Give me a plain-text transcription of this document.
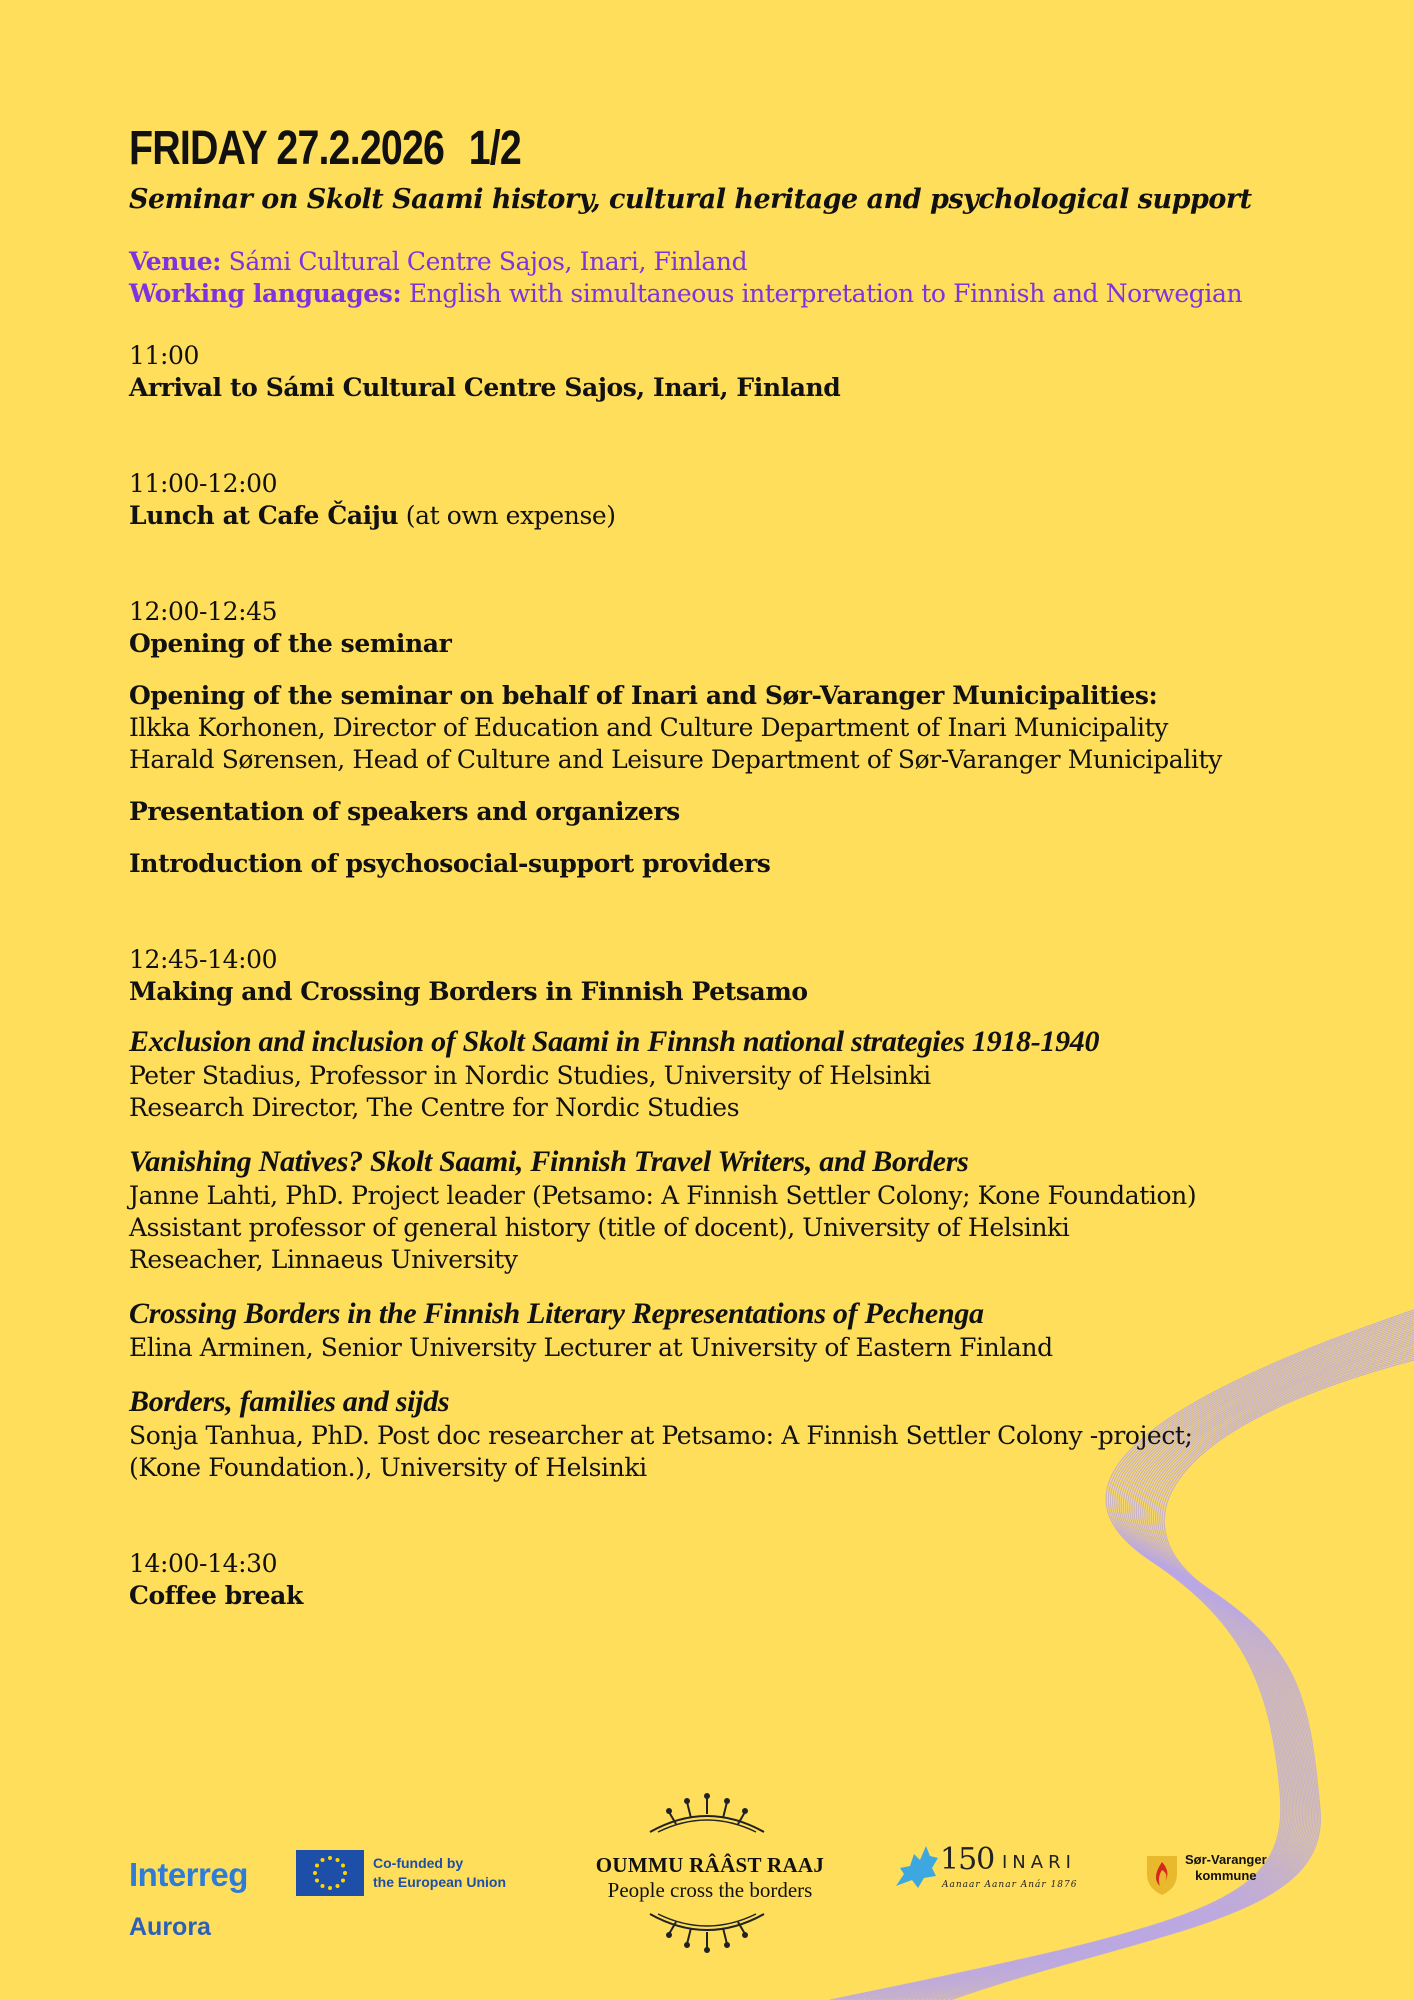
FRIDAY 27.2.2026 1/2
Seminar on Skolt Saami history, cultural heritage and psychological support
Venue: Sámi Cultural Centre Sajos, Inari, Finland
Working languages: English with simultaneous interpretation to Finnish and Norwegian
11:00
Arrival to Sámi Cultural Centre Sajos, Inari, Finland
11:00-12:00
Lunch at Cafe Čaiju (at own expense)
12:00-12:45
Opening of the seminar
Opening of the seminar on behalf of Inari and Sør-Varanger Municipalities:
Ilkka Korhonen, Director of Education and Culture Department of Inari Municipality
Harald Sørensen, Head of Culture and Leisure Department of Sør-Varanger Municipality
Presentation of speakers and organizers
Introduction of psychosocial-support providers
12:45-14:00
Making and Crossing Borders in Finnish Petsamo
Exclusion and inclusion of Skolt Saami in Finnsh national strategies 1918-1940
Peter Stadius, Professor in Nordic Studies, University of Helsinki
Research Director, The Centre for Nordic Studies
Vanishing Natives? Skolt Saami, Finnish Travel Writers, and Borders
Janne Lahti, PhD. Project leader (Petsamo: A Finnish Settler Colony; Kone Foundation)
Assistant professor of general history (title of docent), University of Helsinki
Reseacher, Linnaeus University
Crossing Borders in the Finnish Literary Representations of Pechenga
Elina Arminen, Senior University Lecturer at University of Eastern Finland
Borders, families and sijds
Sonja Tanhua, PhD. Post doc researcher at Petsamo: A Finnish Settler Colony -project;
(Kone Foundation.), University of Helsinki
14:00-14:30
Coffee break
Interreg
Aurora
Co-funded by
the European Union
OUMMU RÂÂST RAAJ
People cross the borders
150 INARI
Aanaar Aanar Anár 1876
Sør-Varanger
kommune
